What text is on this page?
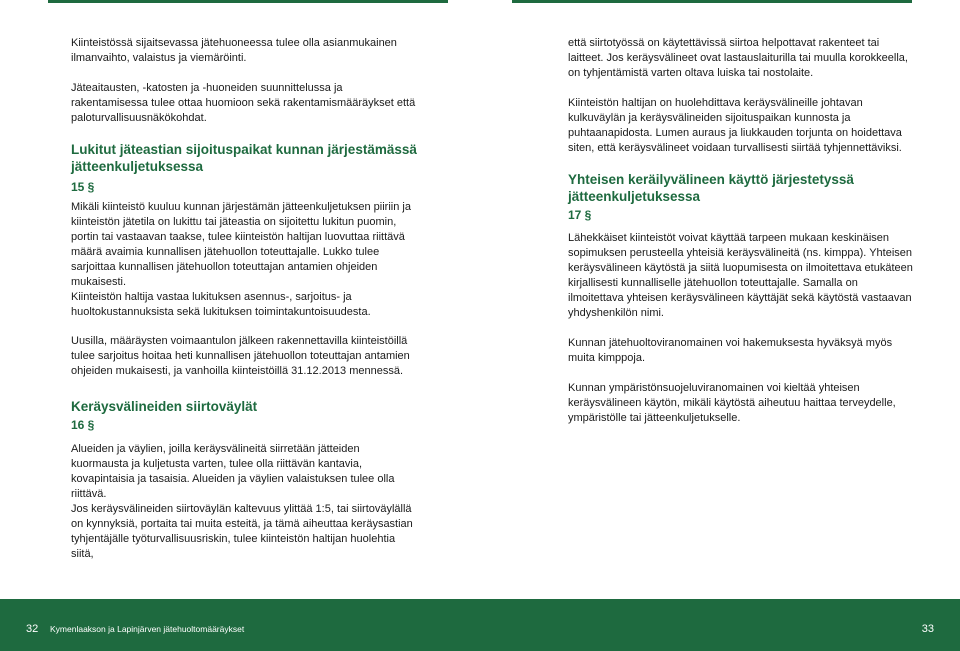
Kiinteistössä sijaitsevassa jätehuoneessa tulee olla asianmukainen ilmanvaihto, valaistus ja viemäröinti.

Jäteaitausten, -katosten ja -huoneiden suunnittelussa ja rakentamisessa tulee ottaa huomioon sekä rakentamismääräykset että paloturvallisuusnäkökohdat.

Lukitut jäteastian sijoituspaikat kunnan järjestämässä jätteenkuljetuksessa
15 §

Mikäli kiinteistö kuuluu kunnan järjestämän jätteenkuljetuksen piiriin ja kiinteistön jätetila on lukittu tai jäteastia on sijoitettu lukitun puomin, portin tai vastaavan taakse, tulee kiinteistön haltijan luovuttaa riittävä määrä avaimia kunnallisen jätehuollon toteuttajalle. Lukko tulee sarjoittaa kunnallisen jätehuollon toteuttajan antamien ohjeiden mukaisesti.

Kiinteistön haltija vastaa lukituksen asennus-, sarjoitus- ja huoltokustannuksista sekä lukituksen toimintakuntoisuudesta.

Uusilla, määräysten voimaantulon jälkeen rakennettavilla kiinteistöillä tulee sarjoitus hoitaa heti kunnallisen jätehuollon toteuttajan antamien ohjeiden mukaisesti, ja vanhoilla kiinteistöillä 31.12.2013 mennessä.

Keräysvälineiden siirtoväylät
16 §

Alueiden ja väylien, joilla keräysvälineitä siirretään jätteiden kuormausta ja kuljetusta varten, tulee olla riittävän kantavia, kovapintaisia ja tasaisia. Alueiden ja väylien valaistuksen tulee olla riittävä.

Jos keräysvälineiden siirtoväylän kaltevuus ylittää 1:5, tai siirtoväylällä on kynnyksiä, portaita tai muita esteitä, ja tämä aiheuttaa keräysastian tyhjentäjälle työturvallisuusriskin, tulee kiinteistön haltijan huolehtia siitä,

että siirtotyössä on käytettävissä siirtoa helpottavat rakenteet tai laitteet. Jos keräysvälineet ovat lastauslaiturilla tai muulla korokkeella, on tyhjentämistä varten oltava luiska tai nostolaite.

Kiinteistön haltijan on huolehdittava keräysvälineille johtavan kulkuväylän ja keräysvälineiden sijoituspaikan kunnosta ja puhtaanapidosta. Lumen auraus ja liukkauden torjunta on hoidettava siten, että keräysvälineet voidaan turvallisesti siirtää tyhjennettäviksi.

Yhteisen keräilyvälineen käyttö järjestetyssä jätteenkuljetuksessa
17 §

Lähekkäiset kiinteistöt voivat käyttää tarpeen mukaan keskinäisen sopimuksen perusteella yhteisiä keräysvälineitä (ns. kimppa). Yhteisen keräysvälineen käytöstä ja siitä luopumisesta on ilmoitettava etukäteen kirjallisesti kunnalliselle jätehuollon toteuttajalle. Samalla on ilmoitettava yhteisen keräysvälineen käyttäjät sekä käytöstä vastaavan yhdyshenkilön nimi.

Kunnan jätehuoltoviranomainen voi hakemuksesta hyväksyä myös muita kimppoja.

Kunnan ympäristönsuojeluviranomainen voi kieltää yhteisen keräysvälineen käytön, mikäli käytöstä aiheutuu haittaa terveydelle, ympäristölle tai jätteenkuljetukselle.

32 Kymenlaakson ja Lapinjärven jätehuoltomääräykset	33
